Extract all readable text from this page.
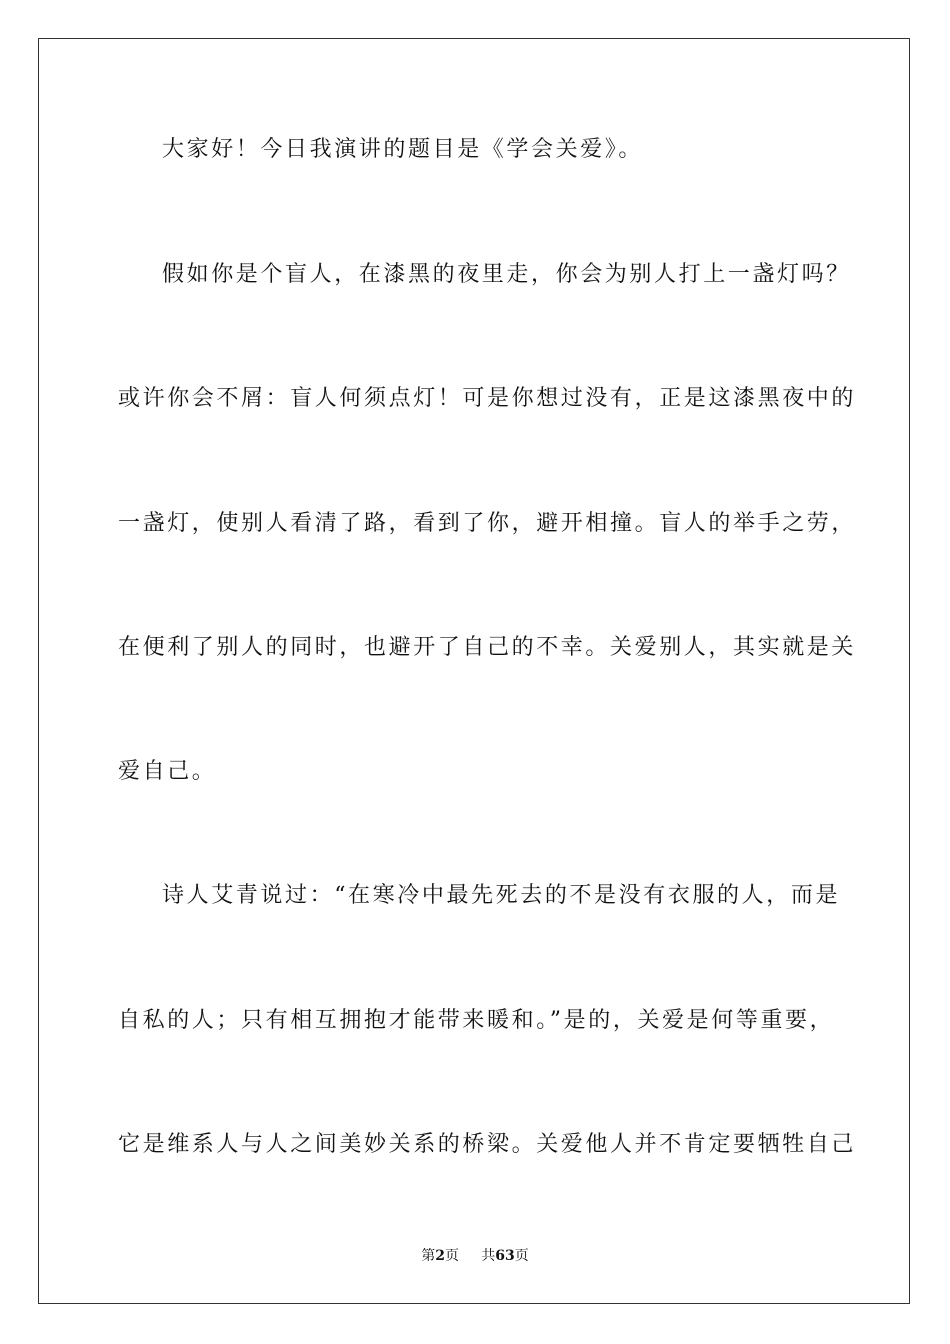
大家好！今日我演讲的题目是《学会关爱》。
假如你是个盲人，在漆黑的夜里走，你会为别人打上一盏灯吗？
或许你会不屑：盲人何须点灯！可是你想过没有，正是这漆黑夜中的
一盏灯，使别人看清了路，看到了你，避开相撞。盲人的举手之劳，
在便利了别人的同时，也避开了自己的不幸。关爱别人，其实就是关
爱自己。
诗人艾青说过：“在寒冷中最先死去的不是没有衣服的人，而是
自私的人；只有相互拥抱才能带来暖和。”是的，关爱是何等重要，
它是维系人与人之间美妙关系的桥梁。关爱他人并不肯定要牺牲自己
第2页 共63页
